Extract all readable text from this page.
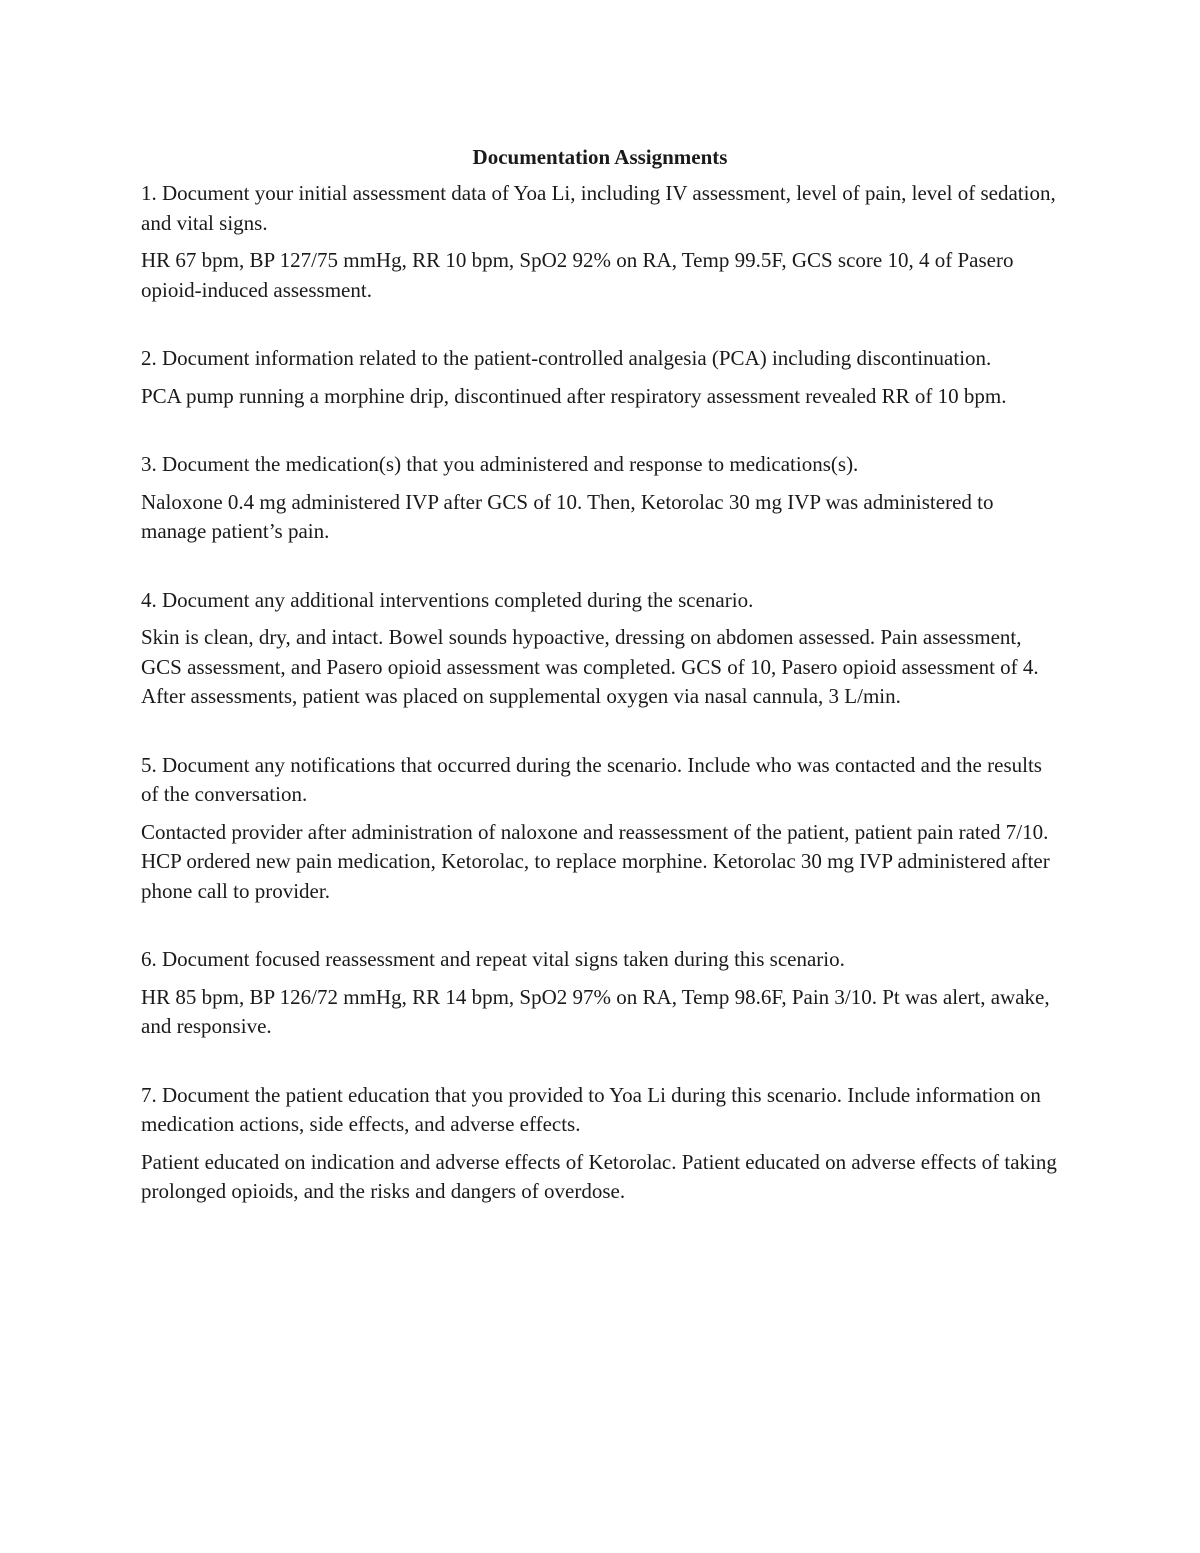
Documentation Assignments

1. Document your initial assessment data of Yoa Li, including IV assessment, level of pain, level of sedation, and vital signs.

HR 67 bpm, BP 127/75 mmHg, RR 10 bpm, SpO2 92% on RA, Temp 99.5F, GCS score 10, 4 of Pasero opioid-induced assessment.

2. Document information related to the patient-controlled analgesia (PCA) including discontinuation.

PCA pump running a morphine drip, discontinued after respiratory assessment revealed RR of 10 bpm.

3. Document the medication(s) that you administered and response to medications(s).

Naloxone 0.4 mg administered IVP after GCS of 10. Then, Ketorolac 30 mg IVP was administered to manage patient’s pain.

4. Document any additional interventions completed during the scenario.

Skin is clean, dry, and intact. Bowel sounds hypoactive, dressing on abdomen assessed. Pain assessment, GCS assessment, and Pasero opioid assessment was completed. GCS of 10, Pasero opioid assessment of 4. After assessments, patient was placed on supplemental oxygen via nasal cannula, 3 L/min.

5. Document any notifications that occurred during the scenario. Include who was contacted and the results of the conversation.

Contacted provider after administration of naloxone and reassessment of the patient, patient pain rated 7/10. HCP ordered new pain medication, Ketorolac, to replace morphine. Ketorolac 30 mg IVP administered after phone call to provider.

6. Document focused reassessment and repeat vital signs taken during this scenario.

HR 85 bpm, BP 126/72 mmHg, RR 14 bpm, SpO2 97% on RA, Temp 98.6F, Pain 3/10. Pt was alert, awake, and responsive.

7. Document the patient education that you provided to Yoa Li during this scenario. Include information on medication actions, side effects, and adverse effects.

Patient educated on indication and adverse effects of Ketorolac. Patient educated on adverse effects of taking prolonged opioids, and the risks and dangers of overdose.
